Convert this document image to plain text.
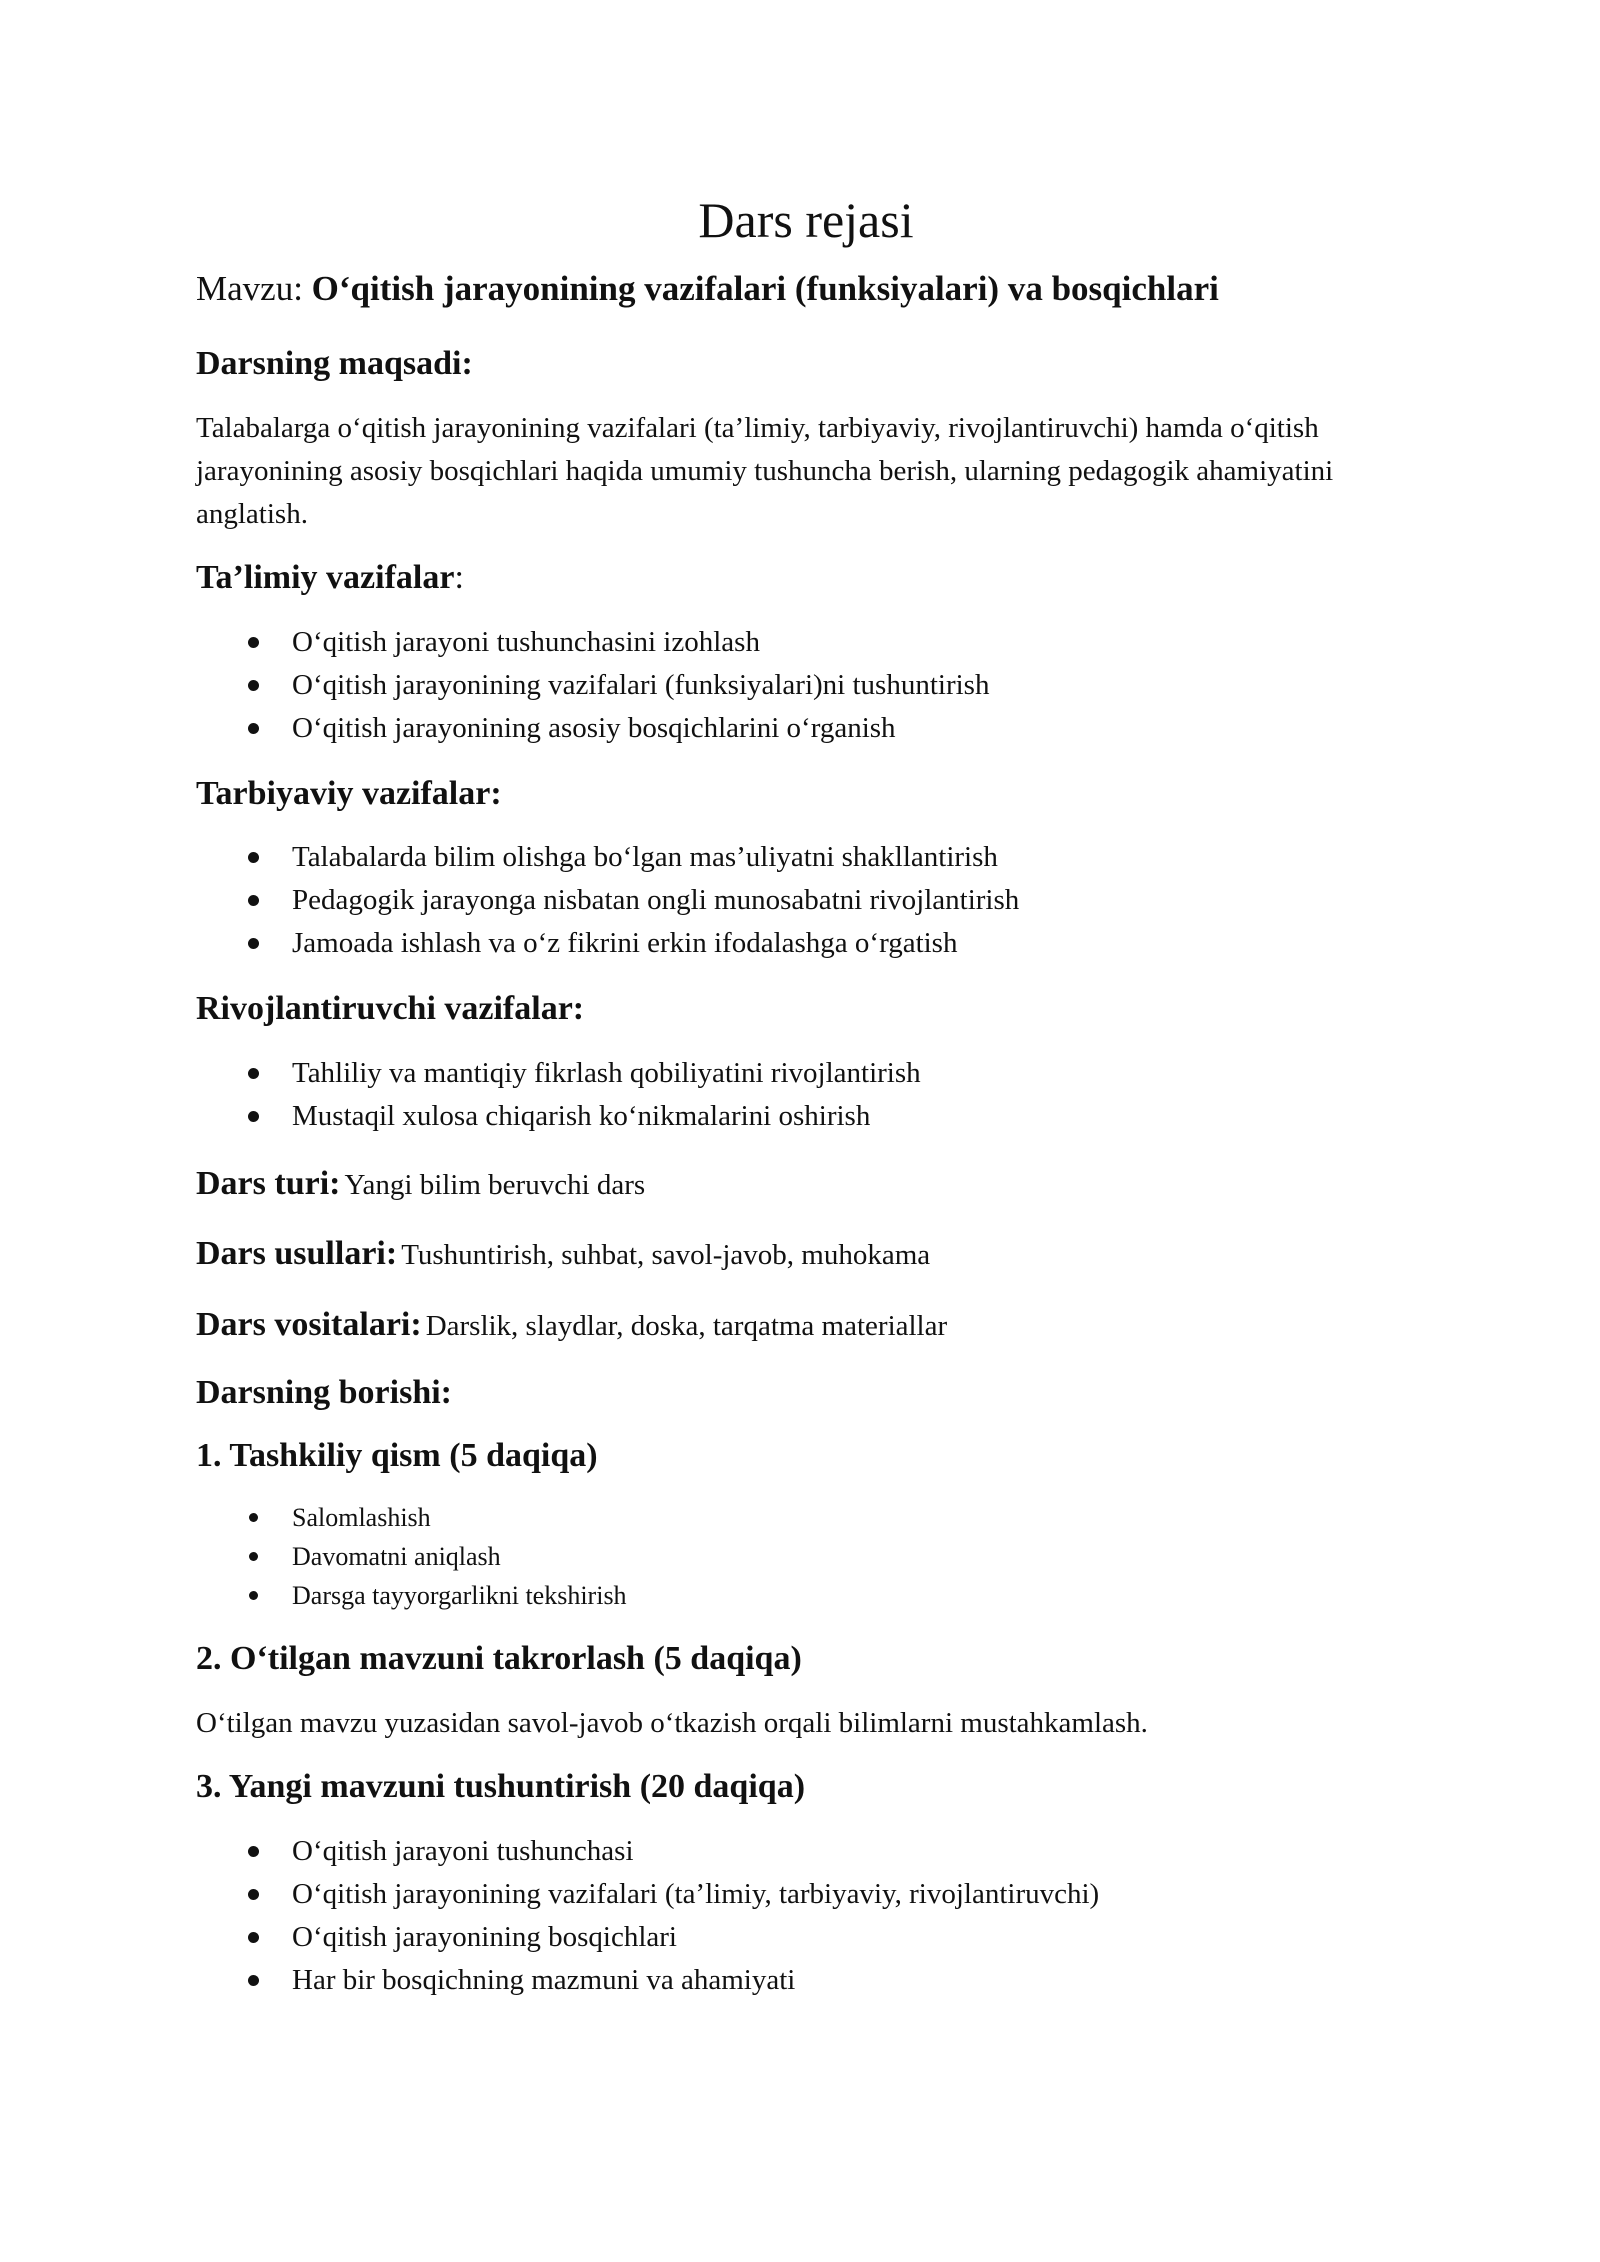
Dars rejasi
Mavzu: O‘qitish jarayonining vazifalari (funksiyalari) va bosqichlari
Darsning maqsadi:

Talabalarga o‘qitish jarayonining vazifalari (ta’limiy, tarbiyaviy, rivojlantiruvchi) hamda o‘qitish jarayonining asosiy bosqichlari haqida umumiy tushuncha berish, ularning pedagogik ahamiyatini anglatish.

Ta’limiy vazifalar:
O‘qitish jarayoni tushunchasini izohlash
O‘qitish jarayonining vazifalari (funksiyalari)ni tushuntirish
O‘qitish jarayonining asosiy bosqichlarini o‘rganish
Tarbiyaviy vazifalar:
Talabalarda bilim olishga bo‘lgan mas’uliyatni shakllantirish
Pedagogik jarayonga nisbatan ongli munosabatni rivojlantirish
Jamoada ishlash va o‘z fikrini erkin ifodalashga o‘rgatish
Rivojlantiruvchi vazifalar:
Tahliliy va mantiqiy fikrlash qobiliyatini rivojlantirish
Mustaqil xulosa chiqarish ko‘nikmalarini oshirish
Dars turi: Yangi bilim beruvchi dars
Dars usullari: Tushuntirish, suhbat, savol-javob, muhokama
Dars vositalari: Darslik, slaydlar, doska, tarqatma materiallar
Darsning borishi:
1. Tashkiliy qism (5 daqiqa)
Salomlashish
Davomatni aniqlash
Darsga tayyorgarlikni tekshirish
2. O‘tilgan mavzuni takrorlash (5 daqiqa)

O‘tilgan mavzu yuzasidan savol-javob o‘tkazish orqali bilimlarni mustahkamlash.

3. Yangi mavzuni tushuntirish (20 daqiqa)
O‘qitish jarayoni tushunchasi
O‘qitish jarayonining vazifalari (ta’limiy, tarbiyaviy, rivojlantiruvchi)
O‘qitish jarayonining bosqichlari
Har bir bosqichning mazmuni va ahamiyati
